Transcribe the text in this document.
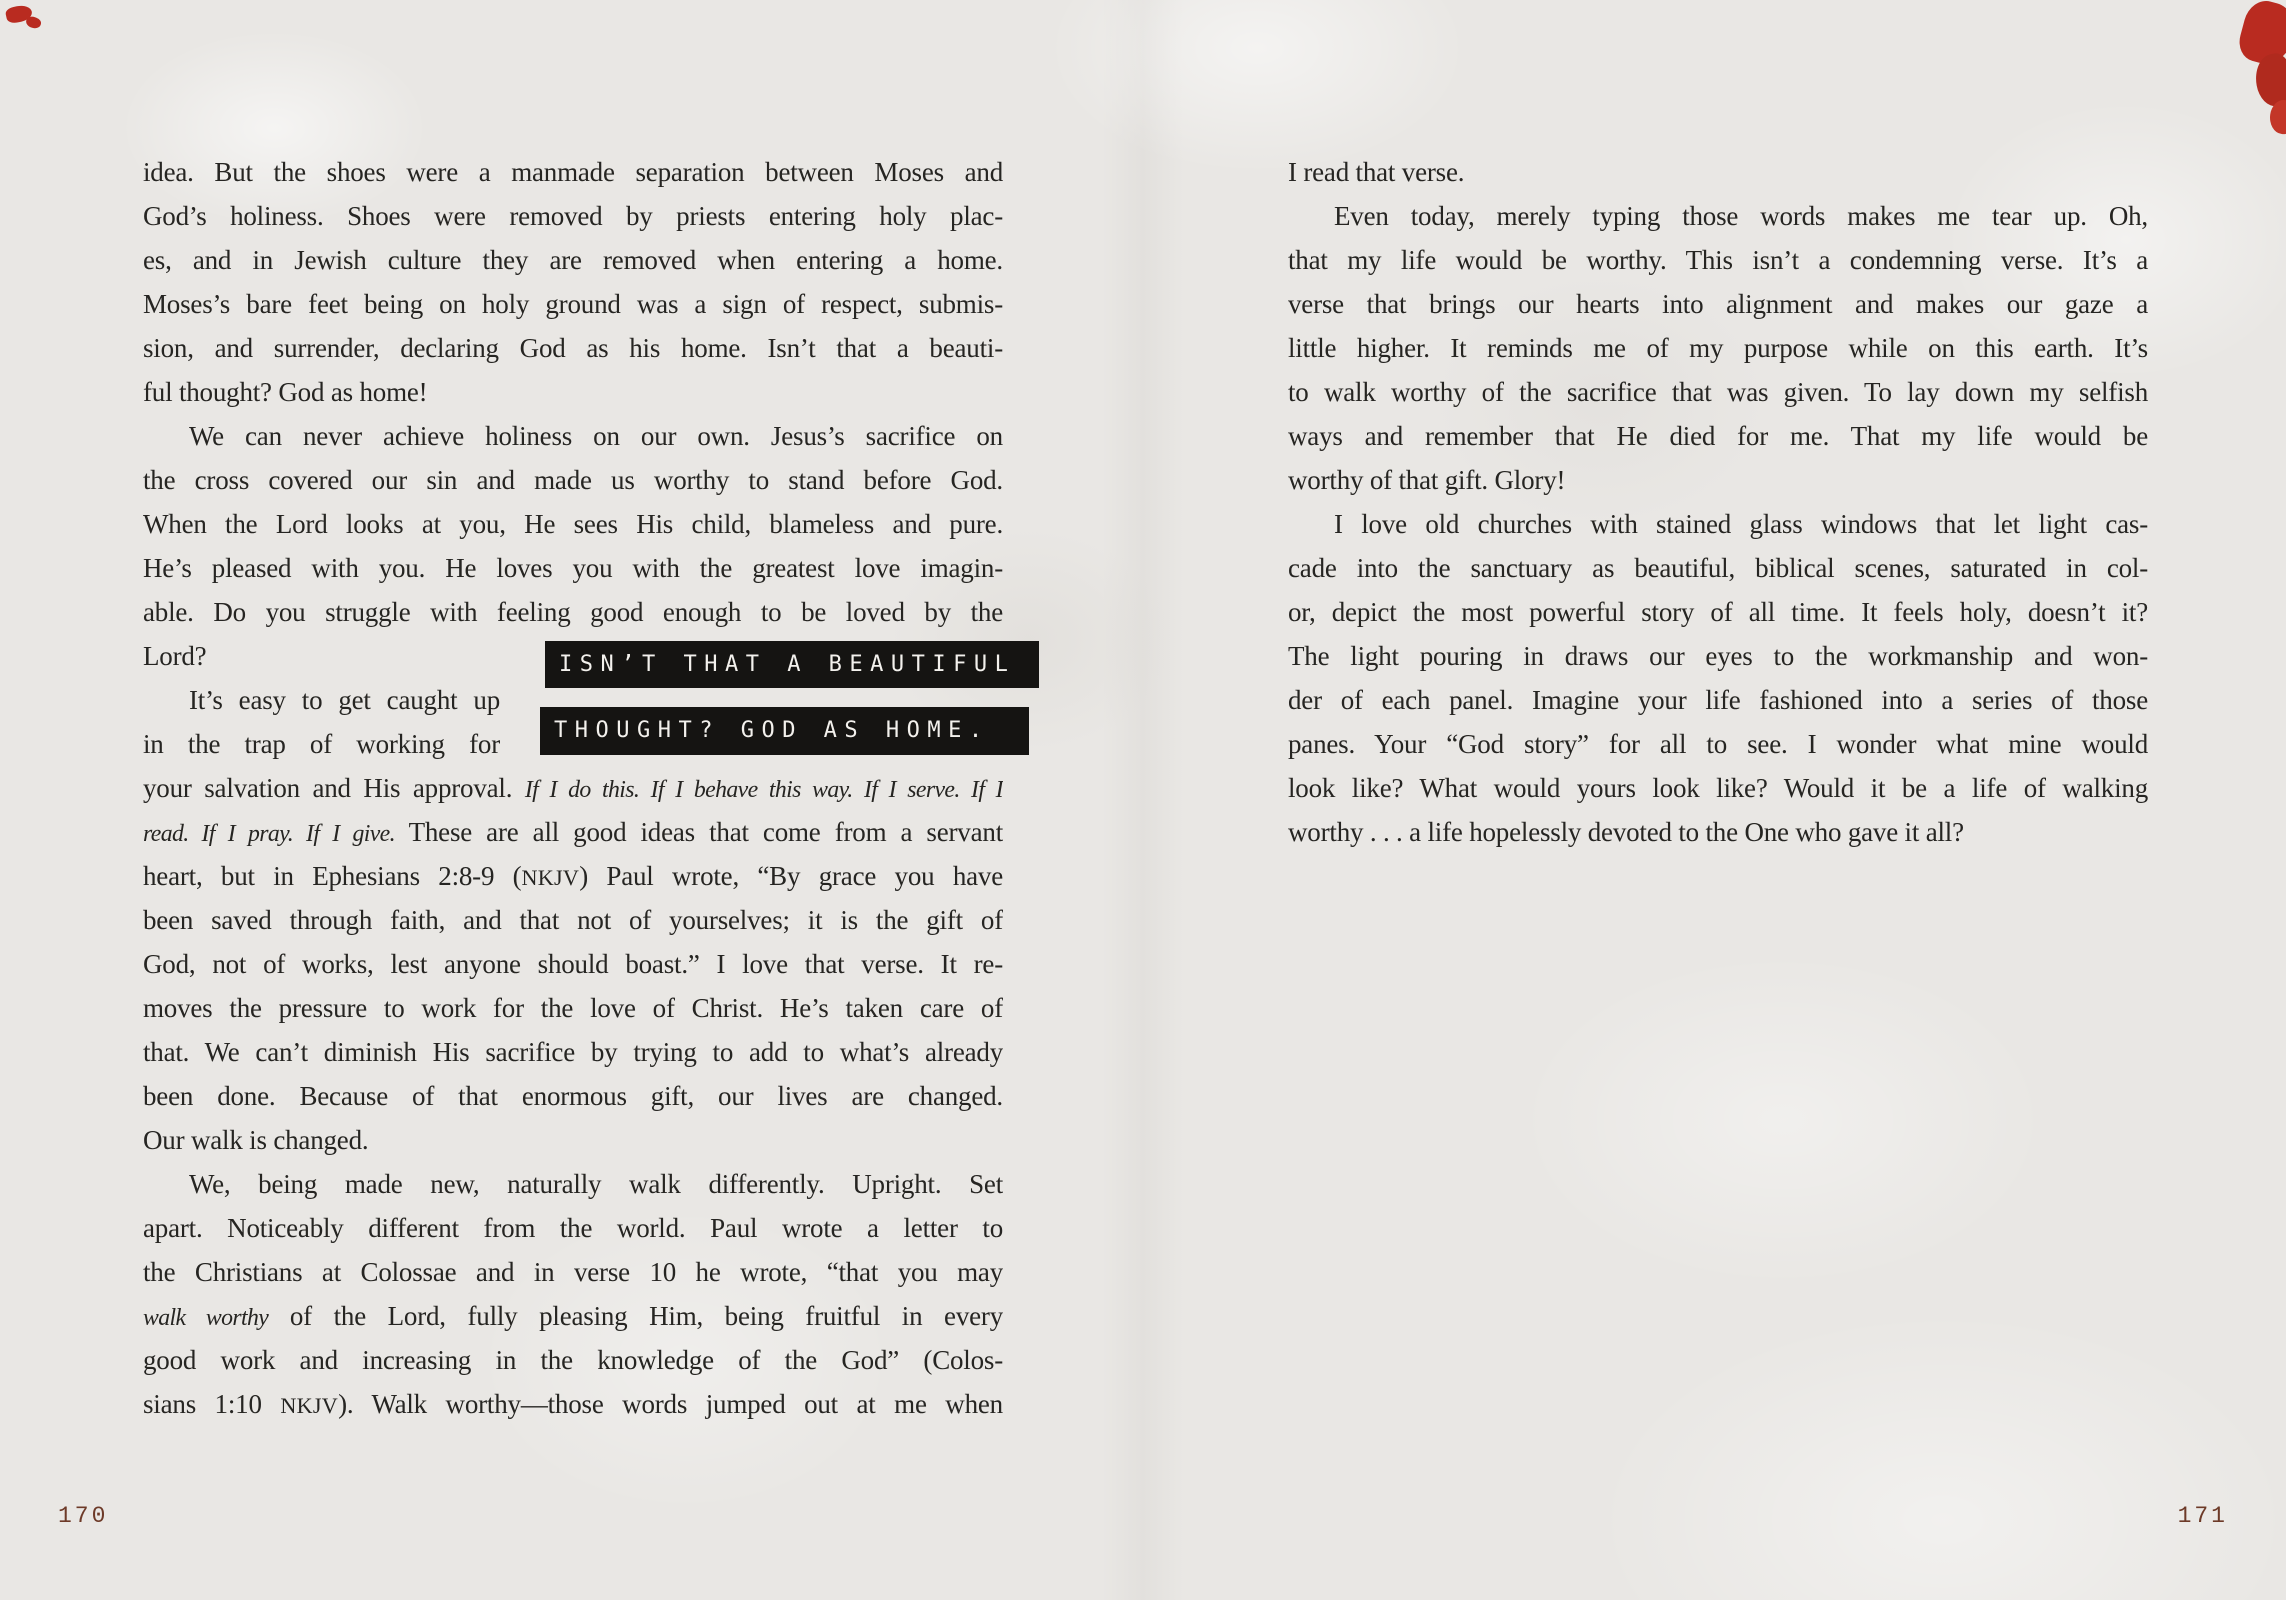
idea. But the shoes were a manmade separation between Moses and
God’s holiness. Shoes were removed by priests entering holy plac-
es, and in Jewish culture they are removed when entering a home.
Moses’s bare feet being on holy ground was a sign of respect, submis-
sion, and surrender, declaring God as his home. Isn’t that a beauti-
ful thought? God as home!
We can never achieve holiness on our own. Jesus’s sacrifice on
the cross covered our sin and made us worthy to stand before God.
When the Lord looks at you, He sees His child, blameless and pure.
He’s pleased with you. He loves you with the greatest love imagin-
able. Do you struggle with feeling good enough to be loved by the
Lord?
It’s easy to get caught up
in the trap of working for
your salvation and His approval. If I do this. If I behave this way. If I serve. If I
read. If I pray. If I give. These are all good ideas that come from a servant
heart, but in Ephesians 2:8-9 (NKJV) Paul wrote, “By grace you have
been saved through faith, and that not of yourselves; it is the gift of
God, not of works, lest anyone should boast.” I love that verse. It re-
moves the pressure to work for the love of Christ. He’s taken care of
that. We can’t diminish His sacrifice by trying to add to what’s already
been done. Because of that enormous gift, our lives are changed.
Our walk is changed.
We, being made new, naturally walk differently. Upright. Set
apart. Noticeably different from the world. Paul wrote a letter to
the Christians at Colossae and in verse 10 he wrote, “that you may
walk worthy of the Lord, fully pleasing Him, being fruitful in every
good work and increasing in the knowledge of the God” (Colos-
sians 1:10 NKJV). Walk worthy—those words jumped out at me when
I read that verse.
Even today, merely typing those words makes me tear up. Oh,
that my life would be worthy. This isn’t a condemning verse. It’s a
verse that brings our hearts into alignment and makes our gaze a
little higher. It reminds me of my purpose while on this earth. It’s
to walk worthy of the sacrifice that was given. To lay down my selfish
ways and remember that He died for me. That my life would be
worthy of that gift. Glory!
I love old churches with stained glass windows that let light cas-
cade into the sanctuary as beautiful, biblical scenes, saturated in col-
or, depict the most powerful story of all time. It feels holy, doesn’t it?
The light pouring in draws our eyes to the workmanship and won-
der of each panel. Imagine your life fashioned into a series of those
panes. Your “God story” for all to see. I wonder what mine would
look like? What would yours look like? Would it be a life of walking
worthy . . . a life hopelessly devoted to the One who gave it all?
ISN’T THAT A BEAUTIFUL
THOUGHT? GOD AS HOME.
170	171
